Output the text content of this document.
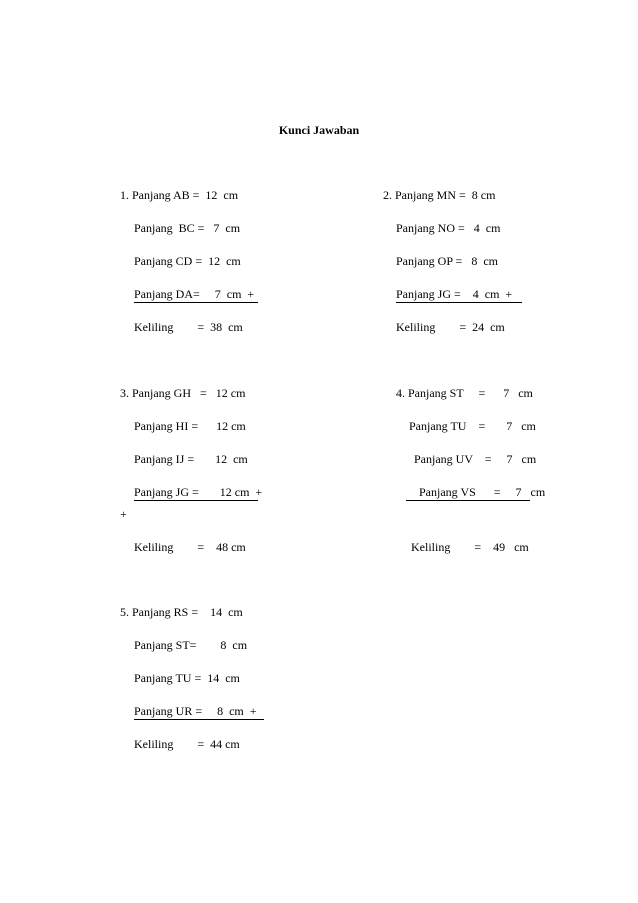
Kunci Jawaban
1. Panjang AB =  12  cm
Panjang  BC =   7  cm
Panjang CD =  12  cm
Panjang DA=     7  cm  +
Keliling        =  38  cm
2. Panjang MN =  8 cm
Panjang NO =   4  cm
Panjang OP =   8  cm
Panjang JG =    4  cm  +
Keliling        =  24  cm
3. Panjang GH   =   12 cm
Panjang HI =      12 cm
Panjang IJ =       12  cm
Panjang JG =       12 cm  +
+
Keliling        =    48 cm
4. Panjang ST     =      7   cm
Panjang TU    =       7   cm
Panjang UV    =     7   cm
Panjang VS      =     7   cm
Keliling        =    49   cm
5. Panjang RS =    14  cm
Panjang ST=        8  cm
Panjang TU =  14  cm
Panjang UR =     8  cm  +
Keliling        =  44 cm
